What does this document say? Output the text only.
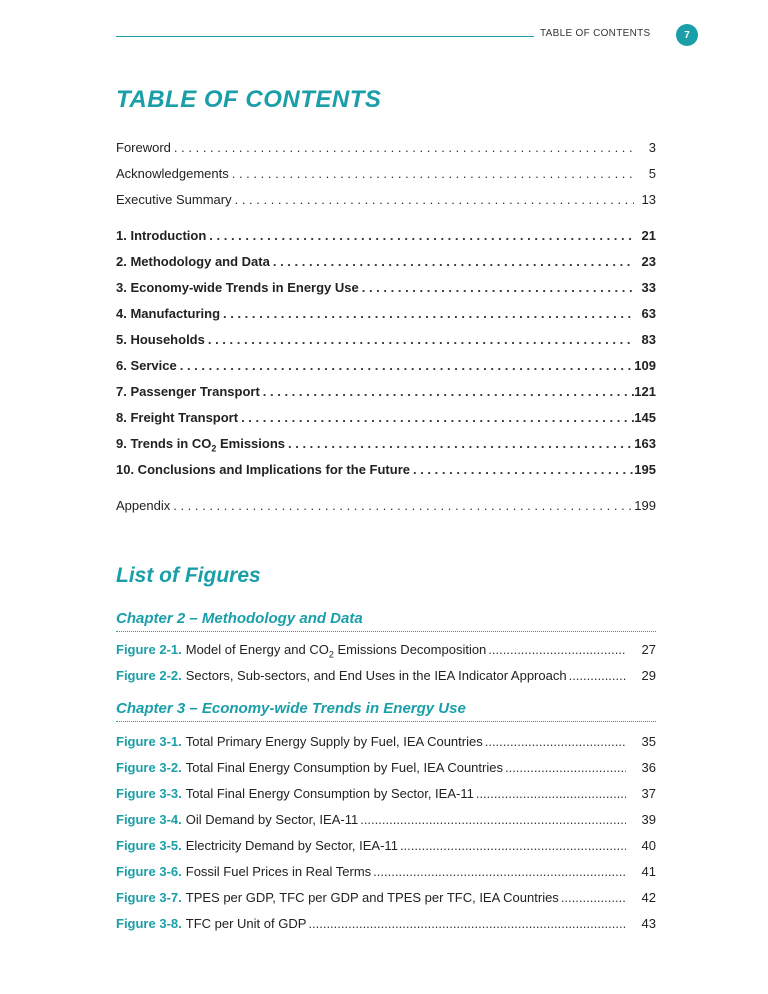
TABLE OF CONTENTS	7
TABLE OF CONTENTS
Foreword . . .	3
Acknowledgements . . .	5
Executive Summary . . .	13
1. Introduction . . .	21
2. Methodology and Data . . .	23
3. Economy-wide Trends in Energy Use . . .	33
4. Manufacturing . . .	63
5. Households . . .	83
6. Service . . .	109
7. Passenger Transport . . .	121
8. Freight Transport . . .	145
9. Trends in $CO_2$ Emissions . . .	163
10. Conclusions and Implications for the Future . . .	195
Appendix . . .	199
List of Figures
Chapter 2 – Methodology and Data
Figure 2-1. Model of Energy and $CO_2$ Emissions Decomposition .....	27
Figure 2-2. Sectors, Sub-sectors, and End Uses in the IEA Indicator Approach .....	29
Chapter 3 – Economy-wide Trends in Energy Use
Figure 3-1. Total Primary Energy Supply by Fuel, IEA Countries .....	35
Figure 3-2. Total Final Energy Consumption by Fuel, IEA Countries .....	36
Figure 3-3. Total Final Energy Consumption by Sector, IEA-11 .....	37
Figure 3-4. Oil Demand by Sector, IEA-11 .....	39
Figure 3-5. Electricity Demand by Sector, IEA-11 .....	40
Figure 3-6. Fossil Fuel Prices in Real Terms .....	41
Figure 3-7. TPES per GDP, TFC per GDP and TPES per TFC, IEA Countries .....	42
Figure 3-8. TFC per Unit of GDP .....	43
